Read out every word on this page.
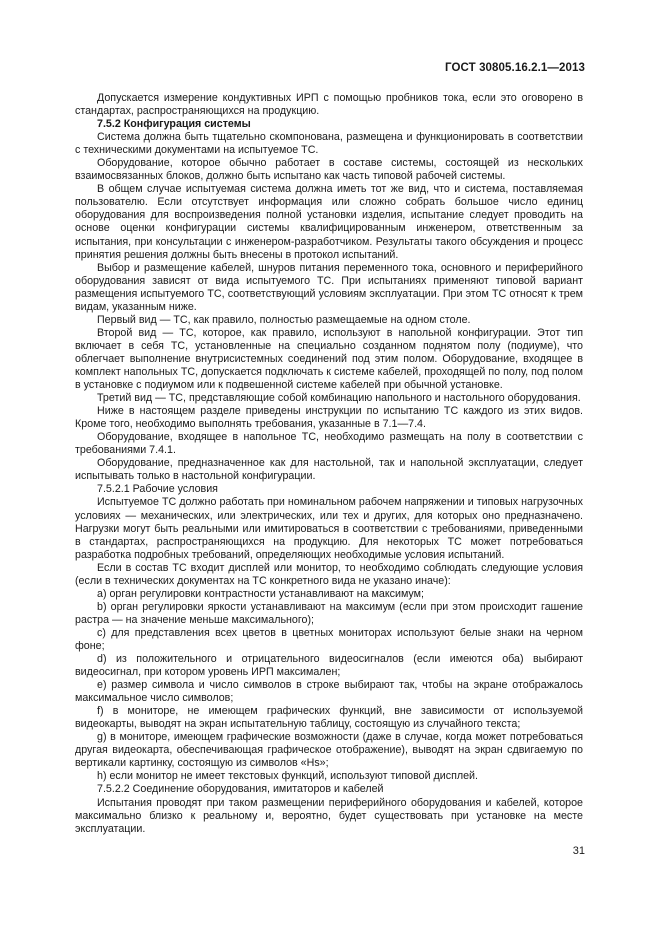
ГОСТ 30805.16.2.1—2013

Допускается измерение кондуктивных ИРП с помощью пробников тока, если это оговорено в стандартах, распространяющихся на продукцию.

7.5.2 Конфигурация системы

Система должна быть тщательно скомпонована, размещена и функционировать в соответствии с техническими документами на испытуемое ТС.

Оборудование, которое обычно работает в составе системы, состоящей из нескольких взаимосвязанных блоков, должно быть испытано как часть типовой рабочей системы.

В общем случае испытуемая система должна иметь тот же вид, что и система, поставляемая пользователю. Если отсутствует информация или сложно собрать большое число единиц оборудования для воспроизведения полной установки изделия, испытание следует проводить на основе оценки конфигурации системы квалифицированным инженером, ответственным за испытания, при консультации с инженером-разработчиком. Результаты такого обсуждения и процесс принятия решения должны быть внесены в протокол испытаний.

Выбор и размещение кабелей, шнуров питания переменного тока, основного и периферийного оборудования зависят от вида испытуемого ТС. При испытаниях применяют типовой вариант размещения испытуемого ТС, соответствующий условиям эксплуатации. При этом ТС относят к трем видам, указанным ниже.

Первый вид — ТС, как правило, полностью размещаемые на одном столе.

Второй вид — ТС, которое, как правило, используют в напольной конфигурации. Этот тип включает в себя ТС, установленные на специально созданном поднятом полу (подиуме), что облегчает выполнение внутрисистемных соединений под этим полом. Оборудование, входящее в комплект напольных ТС, допускается подключать к системе кабелей, проходящей по полу, под полом в установке с подиумом или к подвешенной системе кабелей при обычной установке.

Третий вид — ТС, представляющие собой комбинацию напольного и настольного оборудования.

Ниже в настоящем разделе приведены инструкции по испытанию ТС каждого из этих видов. Кроме того, необходимо выполнять требования, указанные в 7.1—7.4.

Оборудование, входящее в напольное ТС, необходимо размещать на полу в соответствии с требованиями 7.4.1.

Оборудование, предназначенное как для настольной, так и напольной эксплуатации, следует испытывать только в настольной конфигурации.

7.5.2.1 Рабочие условия

Испытуемое ТС должно работать при номинальном рабочем напряжении и типовых нагрузочных условиях — механических, или электрических, или тех и других, для которых оно предназначено. Нагрузки могут быть реальными или имитироваться в соответствии с требованиями, приведенными в стандартах, распространяющихся на продукцию. Для некоторых ТС может потребоваться разработка подробных требований, определяющих необходимые условия испытаний.

Если в состав ТС входит дисплей или монитор, то необходимо соблюдать следующие условия (если в технических документах на ТС конкретного вида не указано иначе):

а) орган регулировки контрастности устанавливают на максимум;

b) орган регулировки яркости устанавливают на максимум (если при этом происходит гашение растра — на значение меньше максимального);

c) для представления всех цветов в цветных мониторах используют белые знаки на черном фоне;

d) из положительного и отрицательного видеосигналов (если имеются оба) выбирают видеосигнал, при котором уровень ИРП максимален;

e) размер символа и число символов в строке выбирают так, чтобы на экране отображалось максимальное число символов;

f) в мониторе, не имеющем графических функций, вне зависимости от используемой видеокарты, выводят на экран испытательную таблицу, состоящую из случайного текста;

g) в мониторе, имеющем графические возможности (даже в случае, когда может потребоваться другая видеокарта, обеспечивающая графическое отображение), выводят на экран сдвигаемую по вертикали картинку, состоящую из символов «Hs»;

h) если монитор не имеет текстовых функций, используют типовой дисплей.

7.5.2.2 Соединение оборудования, имитаторов и кабелей

Испытания проводят при таком размещении периферийного оборудования и кабелей, которое максимально близко к реальному и, вероятно, будет существовать при установке на месте эксплуатации.

31
